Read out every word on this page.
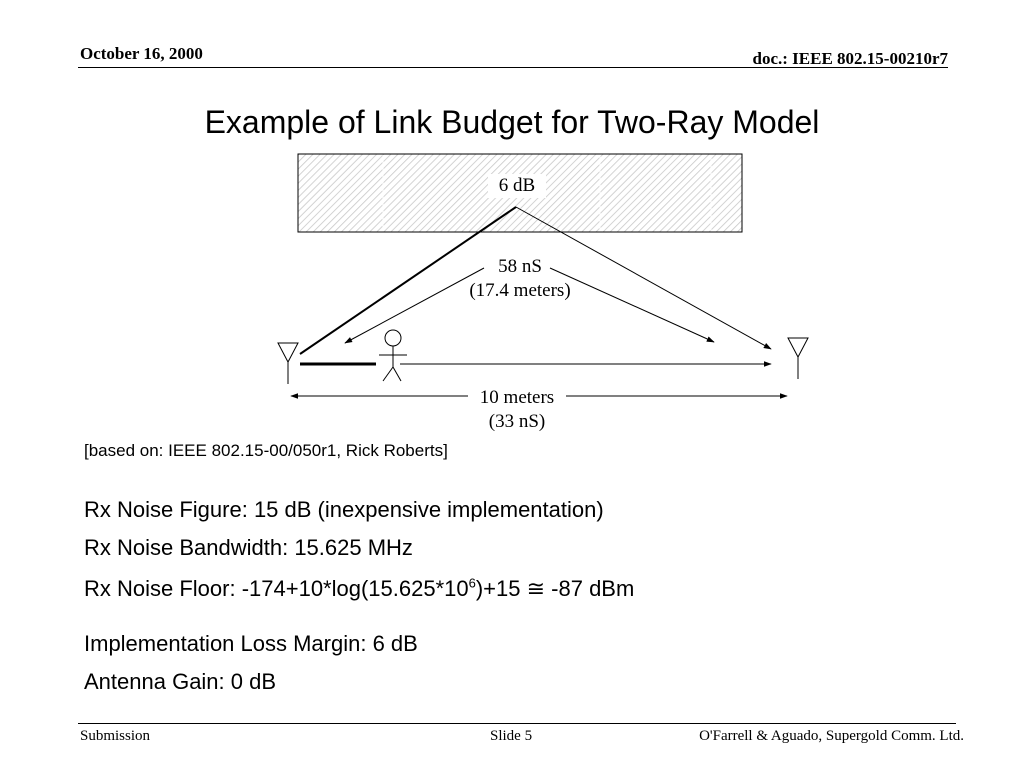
October 16, 2000	doc.: IEEE 802.15-00210r7
Example of Link Budget for Two-Ray Model
6 dB
58 nS
(17.4 meters)
10 meters
(33 nS)
[based on: IEEE 802.15-00/050r1, Rick Roberts]
Rx Noise Figure: 15 dB (inexpensive implementation)
Rx Noise Bandwidth: 15.625 MHz
Rx Noise Floor: $-174+10*\log(15.625*10^6)+15$ ≅ -87 dBm
Implementation Loss Margin: 6 dB
Antenna Gain: 0 dB
Submission	Slide 5	O'Farrell & Aguado, Supergold Comm. Ltd.
